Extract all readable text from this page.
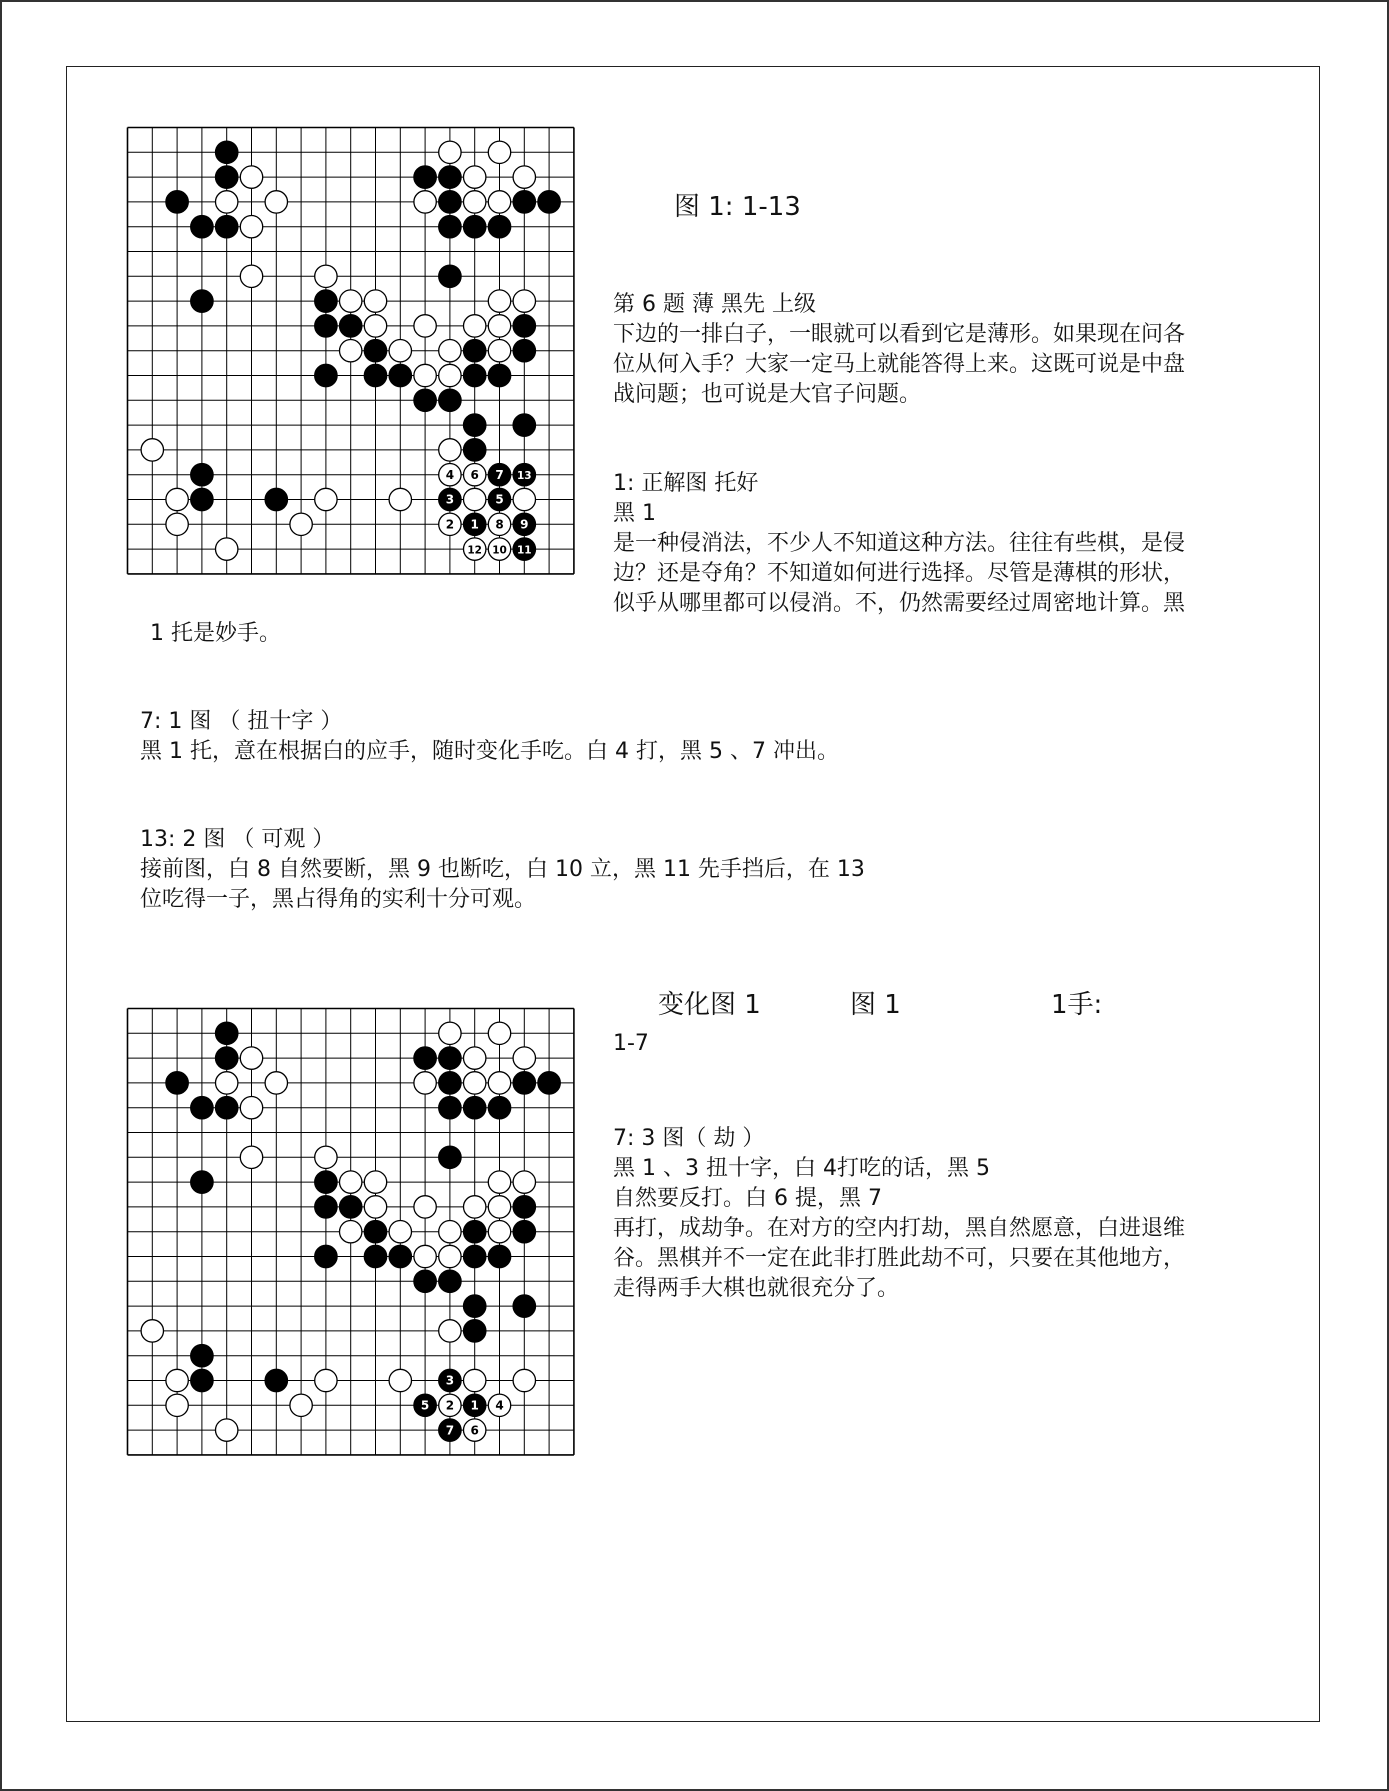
4 6 7 13
3	5
2 1 8 9
12 10 11
图 1: 1-13
第 6 题 薄 黑先 上级
下边的一排白子，一眼就可以看到它是薄形。如果现在问各
位从何入手？大家一定马上就能答得上来。这既可说是中盘
战问题；也可说是大官子问题。
1: 正解图 托好
黑 1
是一种侵消法，不少人不知道这种方法。往往有些棋，是侵
边？还是夺角？不知道如何进行选择。尽管是薄棋的形状，
似乎从哪里都可以侵消。不，仍然需要经过周密地计算。黑
1 托是妙手。
7: 1 图 （ 扭十字 ）
黑 1 托，意在根据白的应手，随时变化手吃。白 4 打，黑 5 、7 冲出。
13: 2 图 （ 可观 ）
接前图，白 8 自然要断，黑 9 也断吃，白 10 立，黑 11 先手挡后，在 13
位吃得一子，黑占得角的实利十分可观。
3
5 2 1 4
7 6
变化图 1	图 1	1手:
1-7
7: 3 图（ 劫 ）
黑 1 、3 扭十字，白 4打吃的话，黑 5
自然要反打。白 6 提，黑 7
再打，成劫争。在对方的空内打劫，黑自然愿意，白进退维
谷。黑棋并不一定在此非打胜此劫不可，只要在其他地方，
走得两手大棋也就很充分了。
